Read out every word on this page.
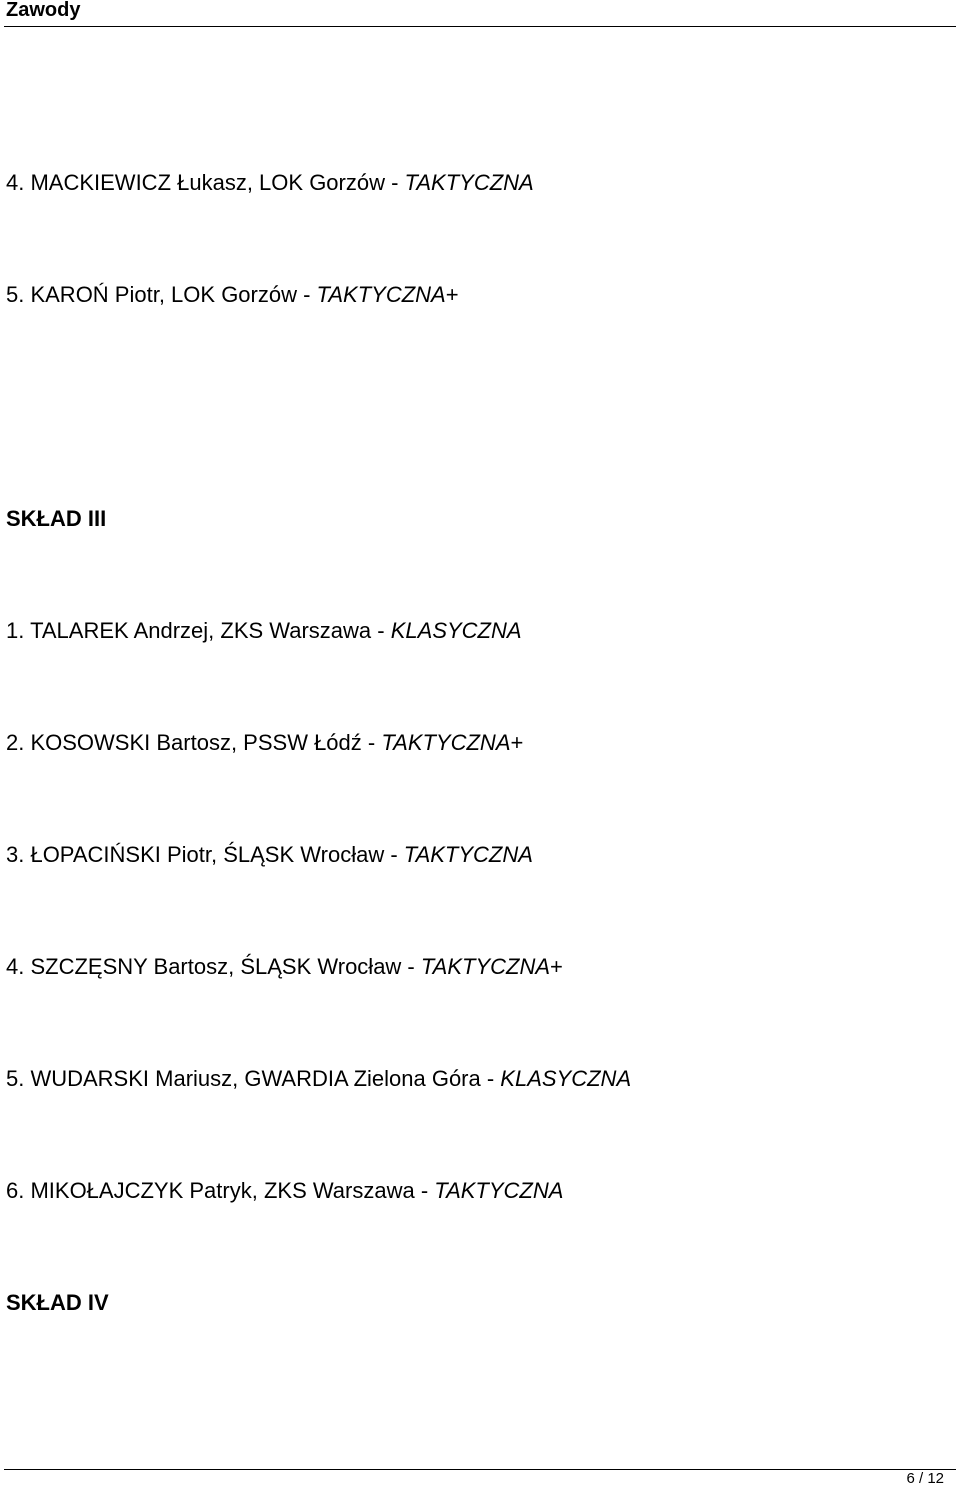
Zawody
4. MACKIEWICZ Łukasz, LOK Gorzów - TAKTYCZNA
5. KAROŃ Piotr, LOK Gorzów - TAKTYCZNA+
SKŁAD III
1. TALAREK Andrzej, ZKS Warszawa - KLASYCZNA
2. KOSOWSKI Bartosz, PSSW Łódź - TAKTYCZNA+
3. ŁOPACIŃSKI Piotr, ŚLĄSK Wrocław - TAKTYCZNA
4. SZCZĘSNY Bartosz, ŚLĄSK Wrocław - TAKTYCZNA+
5. WUDARSKI Mariusz, GWARDIA Zielona Góra - KLASYCZNA
6. MIKOŁAJCZYK Patryk, ZKS Warszawa - TAKTYCZNA
SKŁAD IV
6 / 12
